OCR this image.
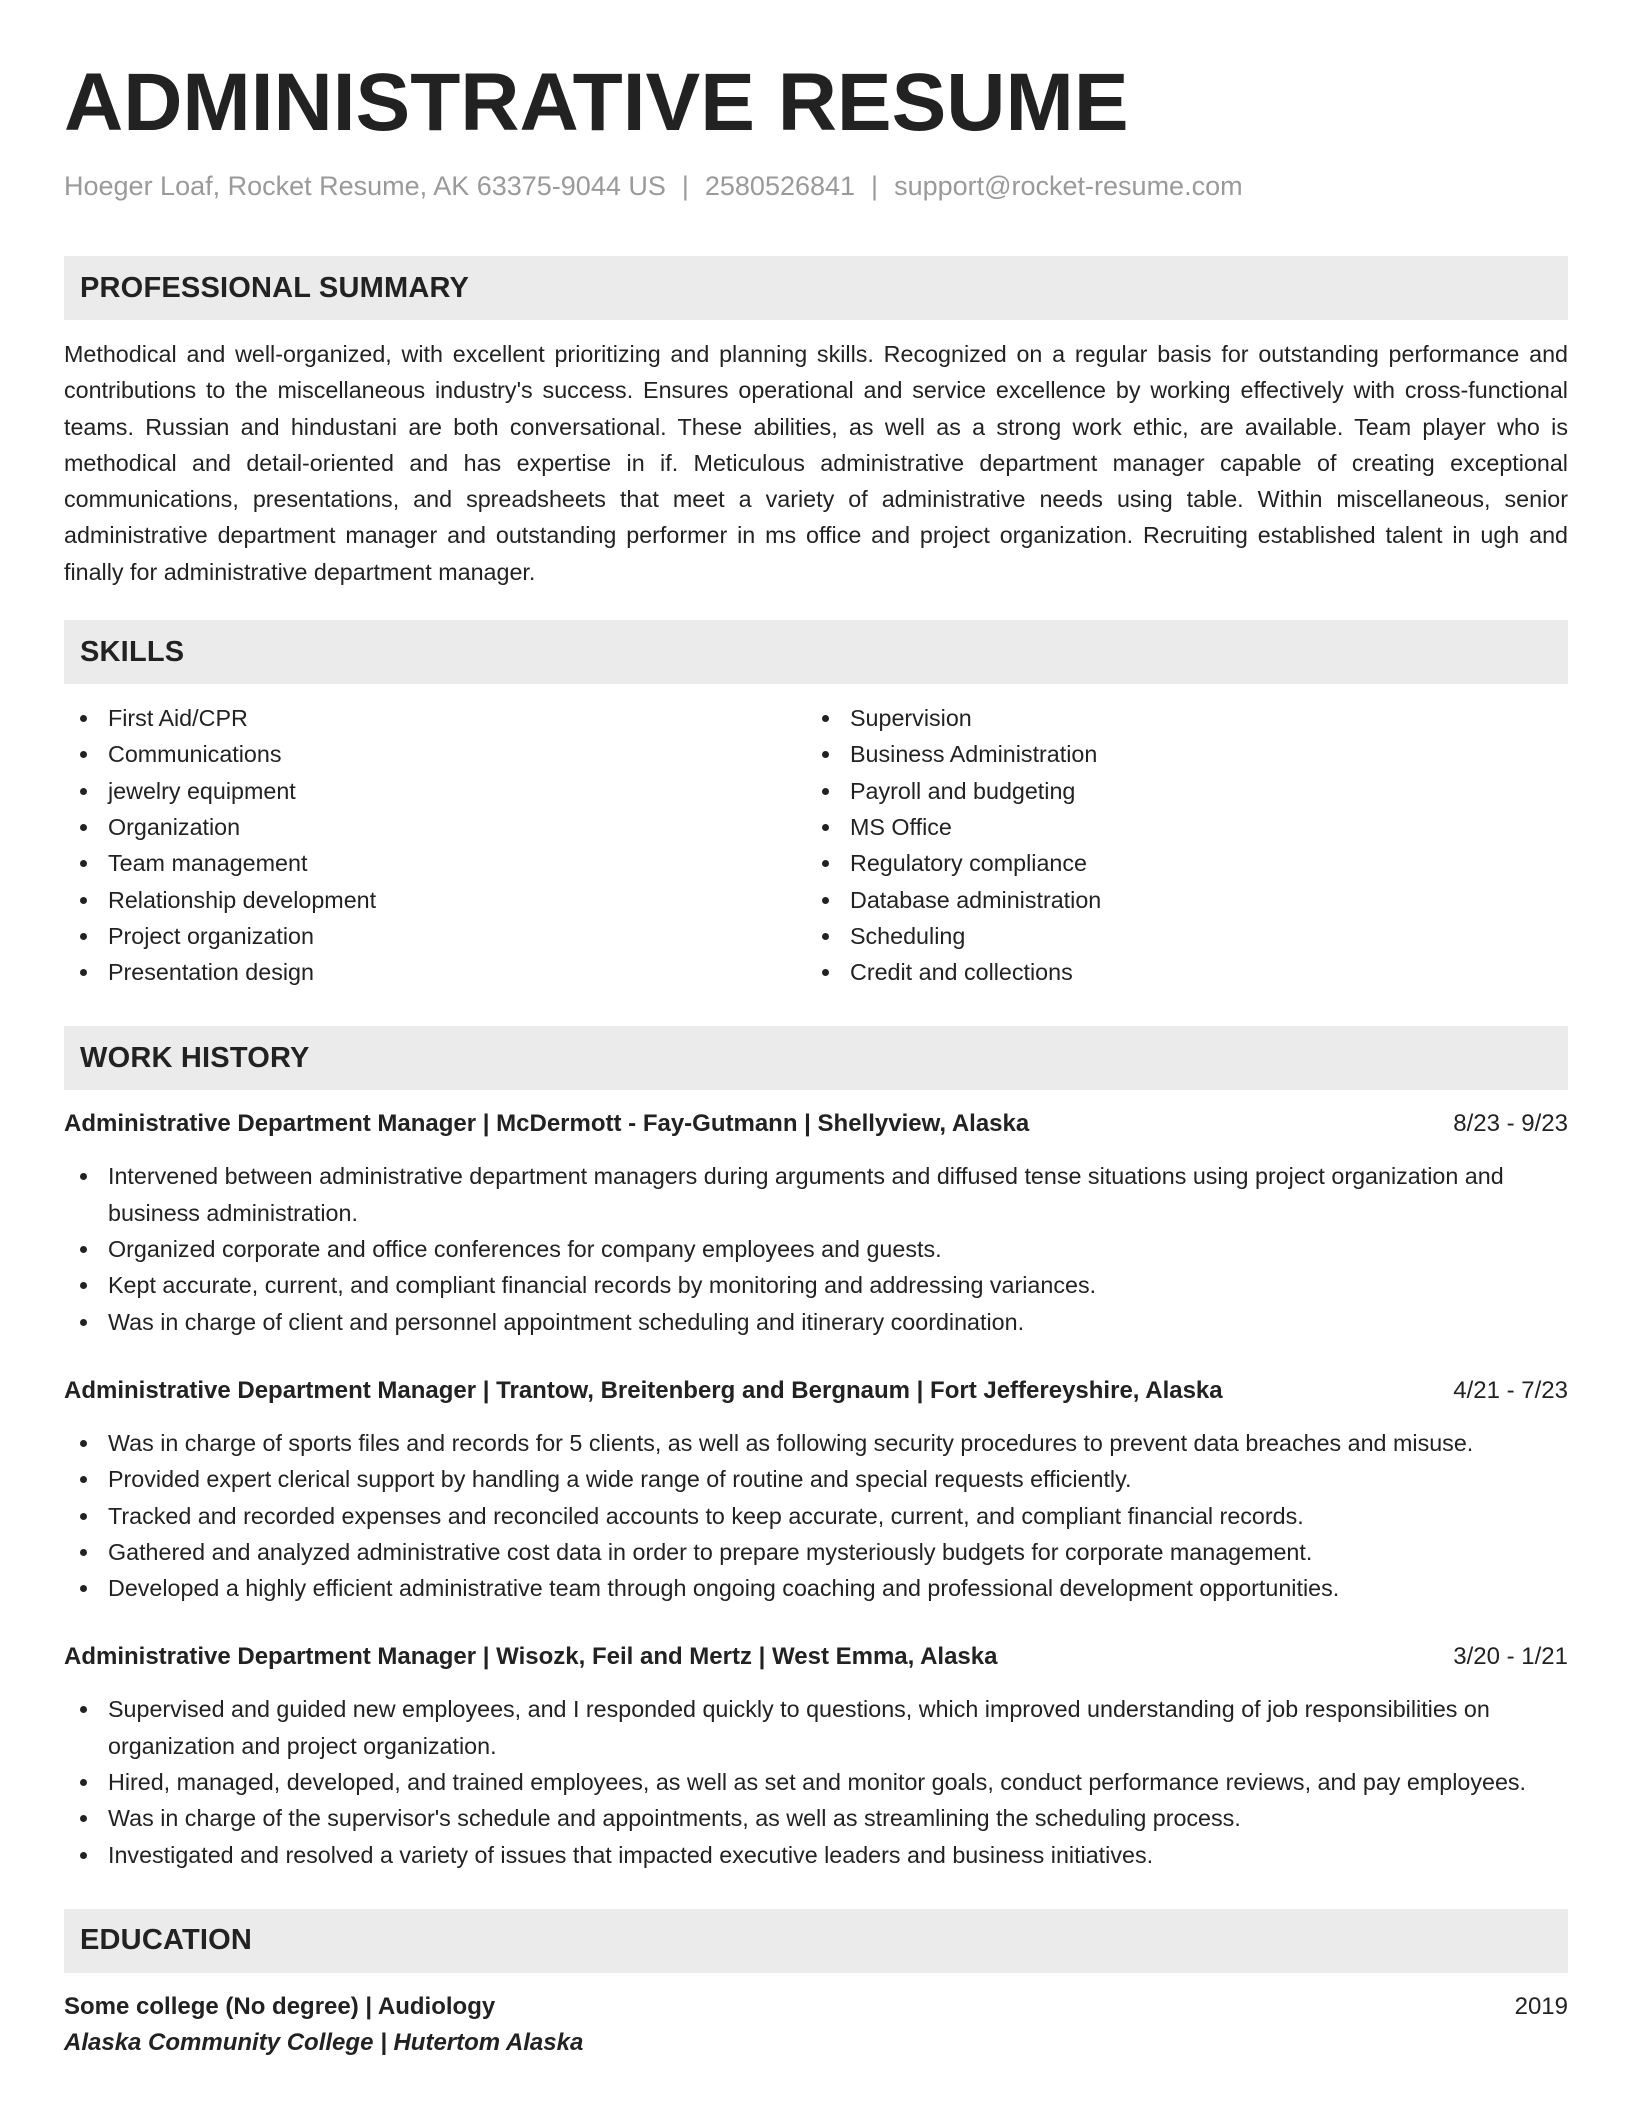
ADMINISTRATIVE RESUME
Hoeger Loaf, Rocket Resume, AK 63375-9044 US | 2580526841 | support@rocket-resume.com
PROFESSIONAL SUMMARY

Methodical and well-organized, with excellent prioritizing and planning skills. Recognized on a regular basis for outstanding performance and contributions to the miscellaneous industry's success. Ensures operational and service excellence by working effectively with cross-functional teams. Russian and hindustani are both conversational. These abilities, as well as a strong work ethic, are available. Team player who is methodical and detail-oriented and has expertise in if. Meticulous administrative department manager capable of creating exceptional communications, presentations, and spreadsheets that meet a variety of administrative needs using table. Within miscellaneous, senior administrative department manager and outstanding performer in ms office and project organization. Recruiting established talent in ugh and finally for administrative department manager.

SKILLS
First Aid/CPR
Communications
jewelry equipment
Organization
Team management
Relationship development
Project organization
Presentation design
Supervision
Business Administration
Payroll and budgeting
MS Office
Regulatory compliance
Database administration
Scheduling
Credit and collections
WORK HISTORY
Administrative Department Manager | McDermott - Fay-Gutmann | Shellyview, Alaska	8/23 - 9/23
Intervened between administrative department managers during arguments and diffused tense situations using project organization and business administration.
Organized corporate and office conferences for company employees and guests.
Kept accurate, current, and compliant financial records by monitoring and addressing variances.
Was in charge of client and personnel appointment scheduling and itinerary coordination.
Administrative Department Manager | Trantow, Breitenberg and Bergnaum | Fort Jeffereyshire, Alaska	4/21 - 7/23
Was in charge of sports files and records for 5 clients, as well as following security procedures to prevent data breaches and misuse.
Provided expert clerical support by handling a wide range of routine and special requests efficiently.
Tracked and recorded expenses and reconciled accounts to keep accurate, current, and compliant financial records.
Gathered and analyzed administrative cost data in order to prepare mysteriously budgets for corporate management.
Developed a highly efficient administrative team through ongoing coaching and professional development opportunities.
Administrative Department Manager | Wisozk, Feil and Mertz | West Emma, Alaska	3/20 - 1/21
Supervised and guided new employees, and I responded quickly to questions, which improved understanding of job responsibilities on organization and project organization.
Hired, managed, developed, and trained employees, as well as set and monitor goals, conduct performance reviews, and pay employees.
Was in charge of the supervisor's schedule and appointments, as well as streamlining the scheduling process.
Investigated and resolved a variety of issues that impacted executive leaders and business initiatives.
EDUCATION
Some college (No degree) | Audiology	2019
Alaska Community College | Hutertom Alaska
